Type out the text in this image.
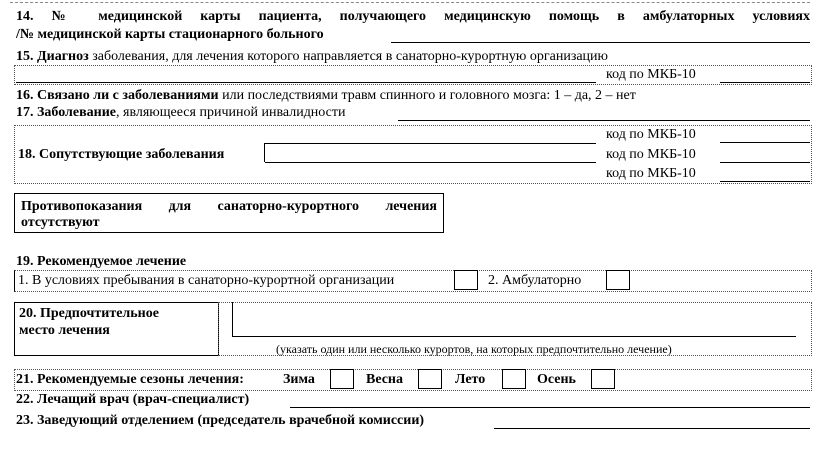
14. № медицинской карты пациента, получающего медицинскую помощь в амбулаторных условиях
/№ медицинской карты стационарного больного
15. Диагноз заболевания, для лечения которого направляется в санаторно-курортную организацию
код по МКБ-10
16. Связано ли с заболеваниями или последствиями травм спинного и головного мозга: 1 – да, 2 – нет
17. Заболевание, являющееся причиной инвалидности
код по МКБ-10
18. Сопутствующие заболевания	код по МКБ-10
код по МКБ-10
Противопоказания для санаторно-курортного лечения
отсутствуют
19. Рекомендуемое лечение
1. В условиях пребывания в санаторно-курортной организации	2. Амбулаторно
20. Предпочтительное
место лечения
(указать один или несколько курортов, на которых предпочтительно лечение)
21. Рекомендуемые сезоны лечения:	Зима	Весна	Лето	Осень
22. Лечащий врач (врач-специалист)
23. Заведующий отделением (председатель врачебной комиссии)
